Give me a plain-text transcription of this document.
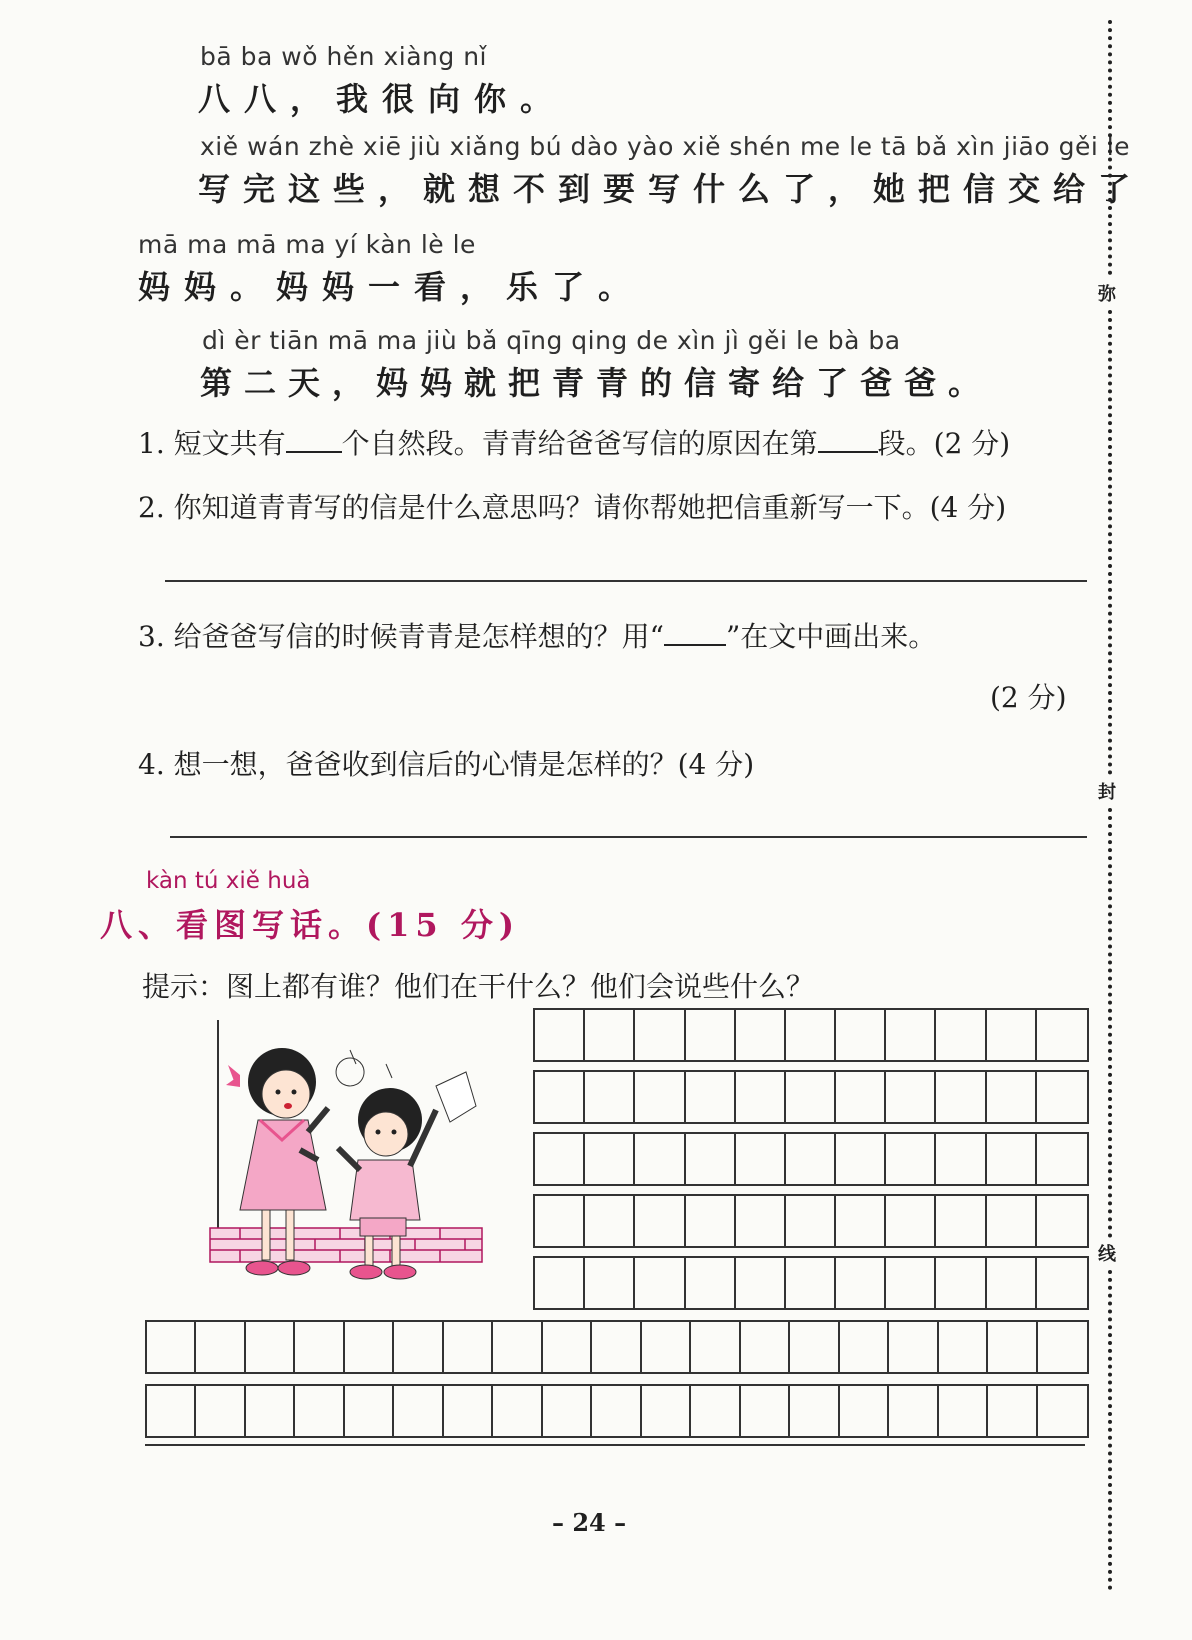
bā ba wǒ hěn xiàng nǐ
八八，我很向你。
xiě wán zhè xiē jiù xiǎng bú dào yào xiě shén me le tā bǎ xìn jiāo gěi le
写完这些，就想不到要写什么了，她把信交给了
mā ma mā ma yí kàn lè le
妈妈。妈妈一看，乐了。
dì èr tiān mā ma jiù bǎ qīng qing de xìn jì gěi le bà ba
第二天，妈妈就把青青的信寄给了爸爸。
1. 短文共有 个自然段。青青给爸爸写信的原因在第 段。(2 分)
2. 你知道青青写的信是什么意思吗？请你帮她把信重新写一下。(4 分)
3. 给爸爸写信的时候青青是怎样想的？用“ ”在文中画出来。
(2 分)
4. 想一想，爸爸收到信后的心情是怎样的？(4 分)
kàn tú xiě huà
八、看图写话。(15 分)
提示：图上都有谁？他们在干什么？他们会说些什么？
弥
封
线
– 24 –
